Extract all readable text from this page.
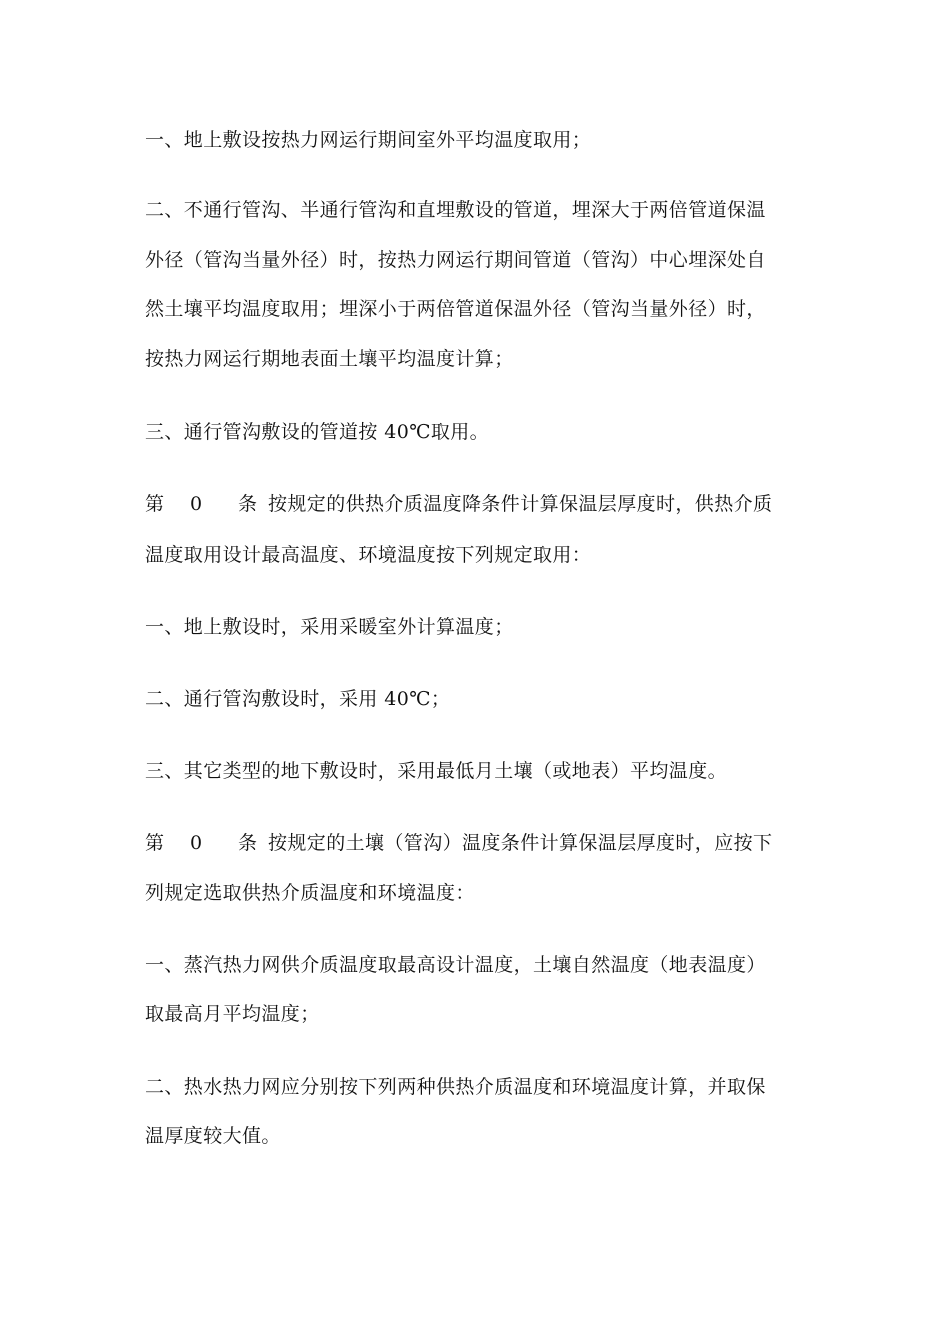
一、地上敷设按热力网运行期间室外平均温度取用；
二、不通行管沟、半通行管沟和直埋敷设的管道，埋深大于两倍管道保温
外径（管沟当量外径）时，按热力网运行期间管道（管沟）中心埋深处自
然土壤平均温度取用；埋深小于两倍管道保温外径（管沟当量外径）时，
按热力网运行期地表面土壤平均温度计算；
三、通行管沟敷设的管道按 40℃取用。
第 0 条 按规定的供热介质温度降条件计算保温层厚度时，供热介质
温度取用设计最高温度、环境温度按下列规定取用：
一、地上敷设时，采用采暖室外计算温度；
二、通行管沟敷设时，采用 40℃；
三、其它类型的地下敷设时，采用最低月土壤（或地表）平均温度。
第 0 条 按规定的土壤（管沟）温度条件计算保温层厚度时，应按下
列规定选取供热介质温度和环境温度：
一、蒸汽热力网供介质温度取最高设计温度，土壤自然温度（地表温度）
取最高月平均温度；
二、热水热力网应分别按下列两种供热介质温度和环境温度计算，并取保
温厚度较大值。
